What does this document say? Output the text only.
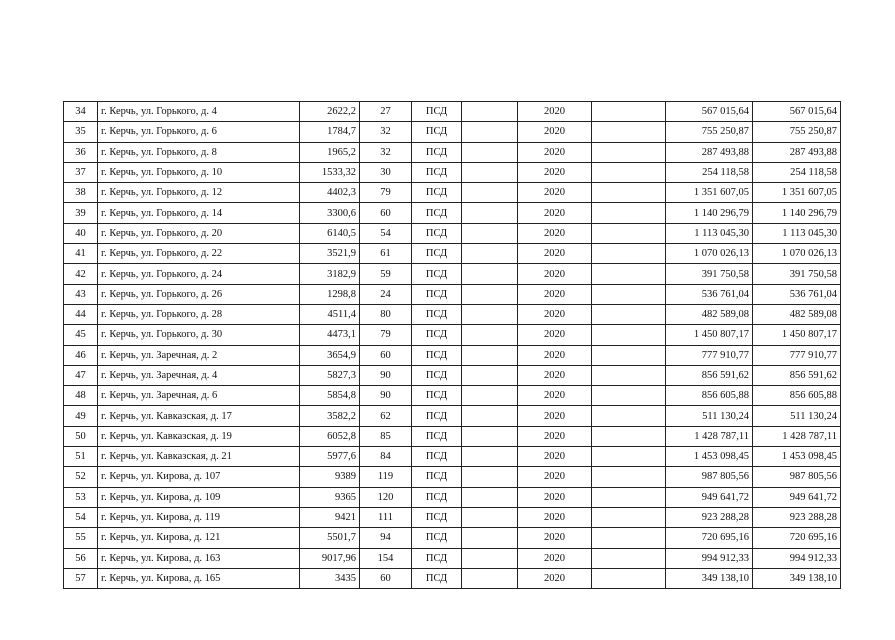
34	г. Керчь, ул. Горького, д. 4	2622,2	27	ПСД		2020		567 015,64	567 015,64
35	г. Керчь, ул. Горького, д. 6	1784,7	32	ПСД		2020		755 250,87	755 250,87
36	г. Керчь, ул. Горького, д. 8	1965,2	32	ПСД		2020		287 493,88	287 493,88
37	г. Керчь, ул. Горького, д. 10	1533,32	30	ПСД		2020		254 118,58	254 118,58
38	г. Керчь, ул. Горького, д. 12	4402,3	79	ПСД		2020		1 351 607,05	1 351 607,05
39	г. Керчь, ул. Горького, д. 14	3300,6	60	ПСД		2020		1 140 296,79	1 140 296,79
40	г. Керчь, ул. Горького, д. 20	6140,5	54	ПСД		2020		1 113 045,30	1 113 045,30
41	г. Керчь, ул. Горького, д. 22	3521,9	61	ПСД		2020		1 070 026,13	1 070 026,13
42	г. Керчь, ул. Горького, д. 24	3182,9	59	ПСД		2020		391 750,58	391 750,58
43	г. Керчь, ул. Горького, д. 26	1298,8	24	ПСД		2020		536 761,04	536 761,04
44	г. Керчь, ул. Горького, д. 28	4511,4	80	ПСД		2020		482 589,08	482 589,08
45	г. Керчь, ул. Горького, д. 30	4473,1	79	ПСД		2020		1 450 807,17	1 450 807,17
46	г. Керчь, ул. Заречная, д. 2	3654,9	60	ПСД		2020		777 910,77	777 910,77
47	г. Керчь, ул. Заречная, д. 4	5827,3	90	ПСД		2020		856 591,62	856 591,62
48	г. Керчь, ул. Заречная, д. 6	5854,8	90	ПСД		2020		856 605,88	856 605,88
49	г. Керчь, ул. Кавказская, д. 17	3582,2	62	ПСД		2020		511 130,24	511 130,24
50	г. Керчь, ул. Кавказская, д. 19	6052,8	85	ПСД		2020		1 428 787,11	1 428 787,11
51	г. Керчь, ул. Кавказская, д. 21	5977,6	84	ПСД		2020		1 453 098,45	1 453 098,45
52	г. Керчь, ул. Кирова, д. 107	9389	119	ПСД		2020		987 805,56	987 805,56
53	г. Керчь, ул. Кирова, д. 109	9365	120	ПСД		2020		949 641,72	949 641,72
54	г. Керчь, ул. Кирова, д. 119	9421	111	ПСД		2020		923 288,28	923 288,28
55	г. Керчь, ул. Кирова, д. 121	5501,7	94	ПСД		2020		720 695,16	720 695,16
56	г. Керчь, ул. Кирова, д. 163	9017,96	154	ПСД		2020		994 912,33	994 912,33
57	г. Керчь, ул. Кирова, д. 165	3435	60	ПСД		2020		349 138,10	349 138,10
